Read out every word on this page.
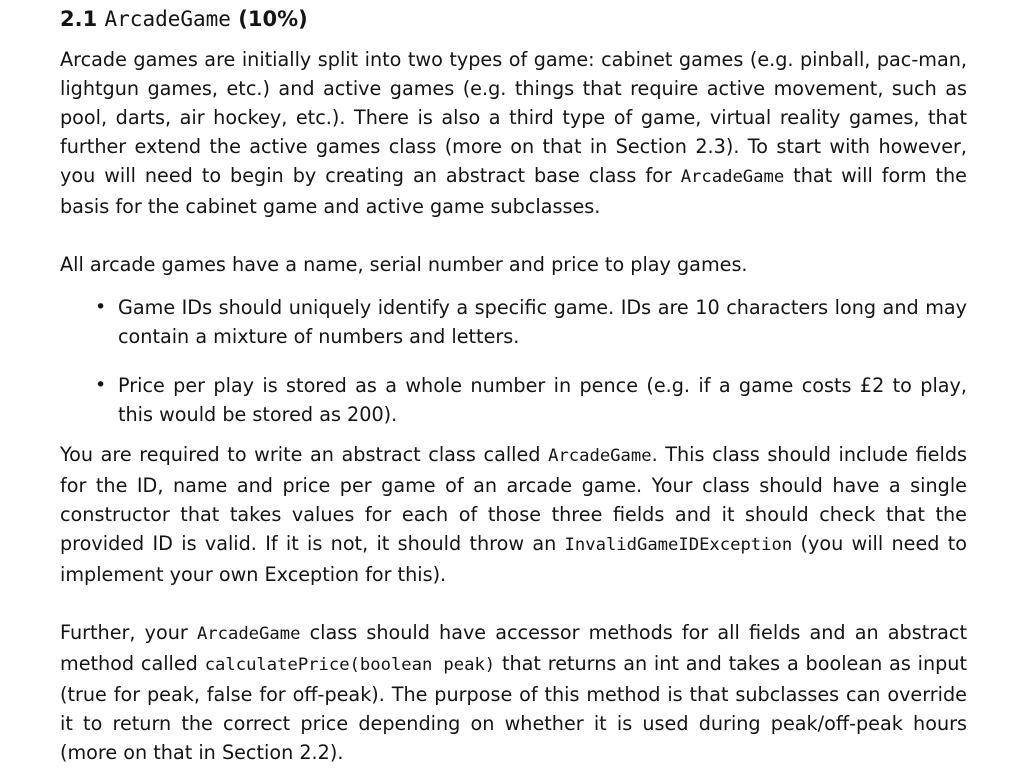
2.1 ArcadeGame (10%)

Arcade games are initially split into two types of game: cabinet games (e.g. pinball, pac-man, lightgun games, etc.) and active games (e.g. things that require active movement, such as pool, darts, air hockey, etc.). There is also a third type of game, virtual reality games, that further extend the active games class (more on that in Section 2.3). To start with however, you will need to begin by creating an abstract base class for ArcadeGame that will form the basis for the cabinet game and active game subclasses.

All arcade games have a name, serial number and price to play games.

• Game IDs should uniquely identify a specific game. IDs are 10 characters long and may contain a mixture of numbers and letters.
• Price per play is stored as a whole number in pence (e.g. if a game costs £2 to play, this would be stored as 200).

You are required to write an abstract class called ArcadeGame. This class should include fields for the ID, name and price per game of an arcade game. Your class should have a single constructor that takes values for each of those three fields and it should check that the provided ID is valid. If it is not, it should throw an InvalidGameIDException (you will need to implement your own Exception for this).

Further, your ArcadeGame class should have accessor methods for all fields and an abstract method called calculatePrice(boolean peak) that returns an int and takes a boolean as input (true for peak, false for off-peak). The purpose of this method is that subclasses can override it to return the correct price depending on whether it is used during peak/off-peak hours (more on that in Section 2.2).
